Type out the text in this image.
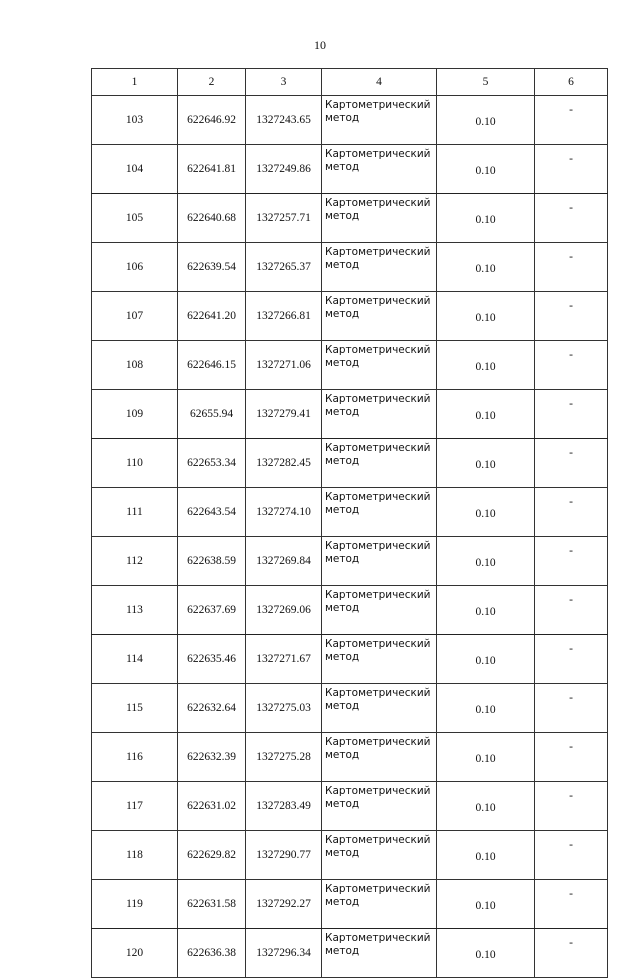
10
1	2	3	4	5	6
103	622646.92	1327243.65	Картометрический метод	0.10	-
104	622641.81	1327249.86	Картометрический метод	0.10	-
105	622640.68	1327257.71	Картометрический метод	0.10	-
106	622639.54	1327265.37	Картометрический метод	0.10	-
107	622641.20	1327266.81	Картометрический метод	0.10	-
108	622646.15	1327271.06	Картометрический метод	0.10	-
109	62655.94	1327279.41	Картометрический метод	0.10	-
110	622653.34	1327282.45	Картометрический метод	0.10	-
111	622643.54	1327274.10	Картометрический метод	0.10	-
112	622638.59	1327269.84	Картометрический метод	0.10	-
113	622637.69	1327269.06	Картометрический метод	0.10	-
114	622635.46	1327271.67	Картометрический метод	0.10	-
115	622632.64	1327275.03	Картометрический метод	0.10	-
116	622632.39	1327275.28	Картометрический метод	0.10	-
117	622631.02	1327283.49	Картометрический метод	0.10	-
118	622629.82	1327290.77	Картометрический метод	0.10	-
119	622631.58	1327292.27	Картометрический метод	0.10	-
120	622636.38	1327296.34	Картометрический метод	0.10	-
